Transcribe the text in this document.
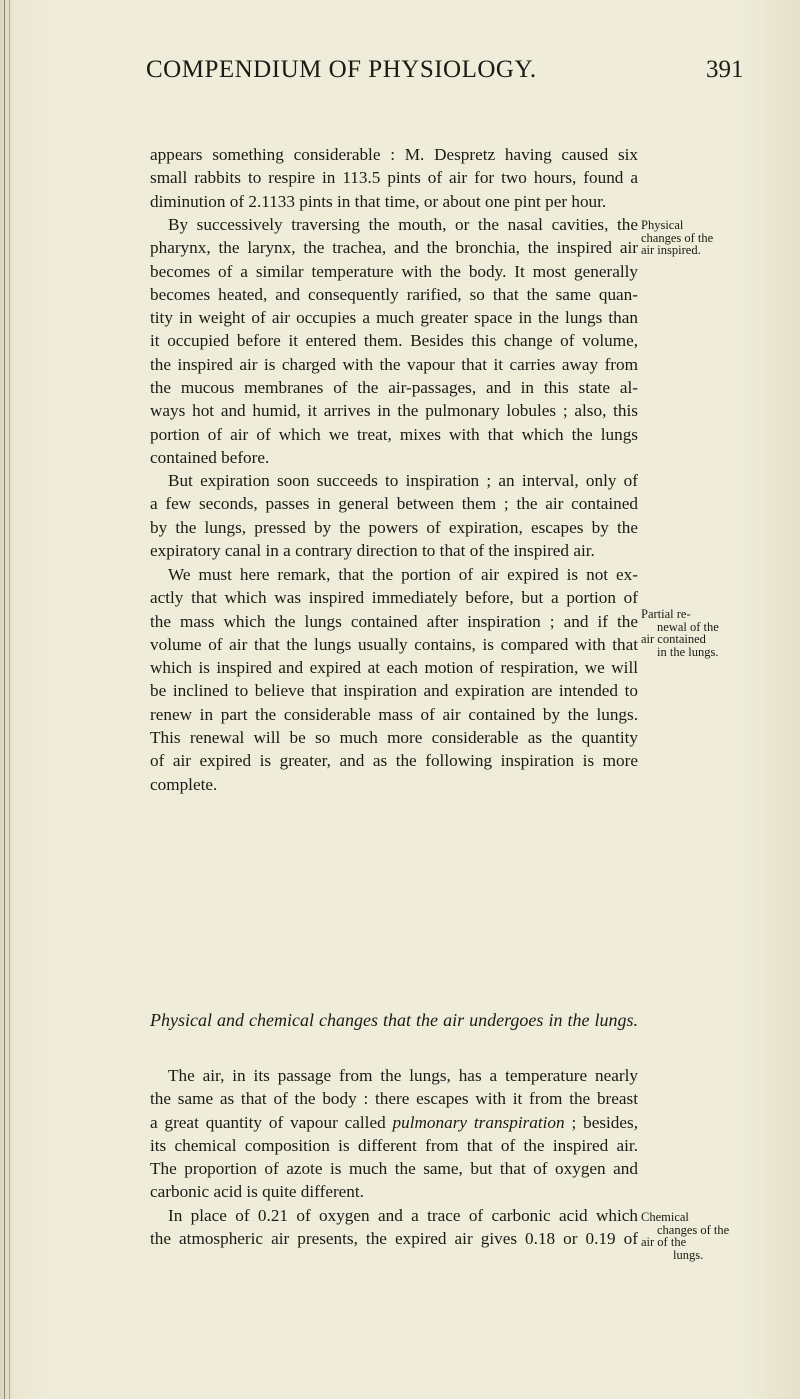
COMPENDIUM OF PHYSIOLOGY.	391
appears something considerable : M. Despretz having caused six
small rabbits to respire in 113.5 pints of air for two hours, found a
diminution of 2.1133 pints in that time, or about one pint per hour.
By successively traversing the mouth, or the nasal cavities, the
pharynx, the larynx, the trachea, and the bronchia, the inspired air
becomes of a similar temperature with the body. It most generally
becomes heated, and consequently rarified, so that the same quan-
tity in weight of air occupies a much greater space in the lungs than
it occupied before it entered them. Besides this change of volume,
the inspired air is charged with the vapour that it carries away from
the mucous membranes of the air-passages, and in this state al-
ways hot and humid, it arrives in the pulmonary lobules ; also, this
portion of air of which we treat, mixes with that which the lungs
contained before.
But expiration soon succeeds to inspiration ; an interval, only of
a few seconds, passes in general between them ; the air contained
by the lungs, pressed by the powers of expiration, escapes by the
expiratory canal in a contrary direction to that of the inspired air.
We must here remark, that the portion of air expired is not ex-
actly that which was inspired immediately before, but a portion of
the mass which the lungs contained after inspiration ; and if the
volume of air that the lungs usually contains, is compared with that
which is inspired and expired at each motion of respiration, we will
be inclined to believe that inspiration and expiration are intended to
renew in part the considerable mass of air contained by the lungs.
This renewal will be so much more considerable as the quantity
of air expired is greater, and as the following inspiration is more
complete.
Physical and chemical changes that the air undergoes in the lungs.
The air, in its passage from the lungs, has a temperature nearly
the same as that of the body : there escapes with it from the breast
a great quantity of vapour called pulmonary transpiration ; besides,
its chemical composition is different from that of the inspired air.
The proportion of azote is much the same, but that of oxygen and
carbonic acid is quite different.
In place of 0.21 of oxygen and a trace of carbonic acid which
the atmospheric air presents, the expired air gives 0.18 or 0.19 of
Physical
changes of the
air inspired.
Partial re-
newal of the
air contained
in the lungs.
Chemical
changes of the
air of the
lungs.
